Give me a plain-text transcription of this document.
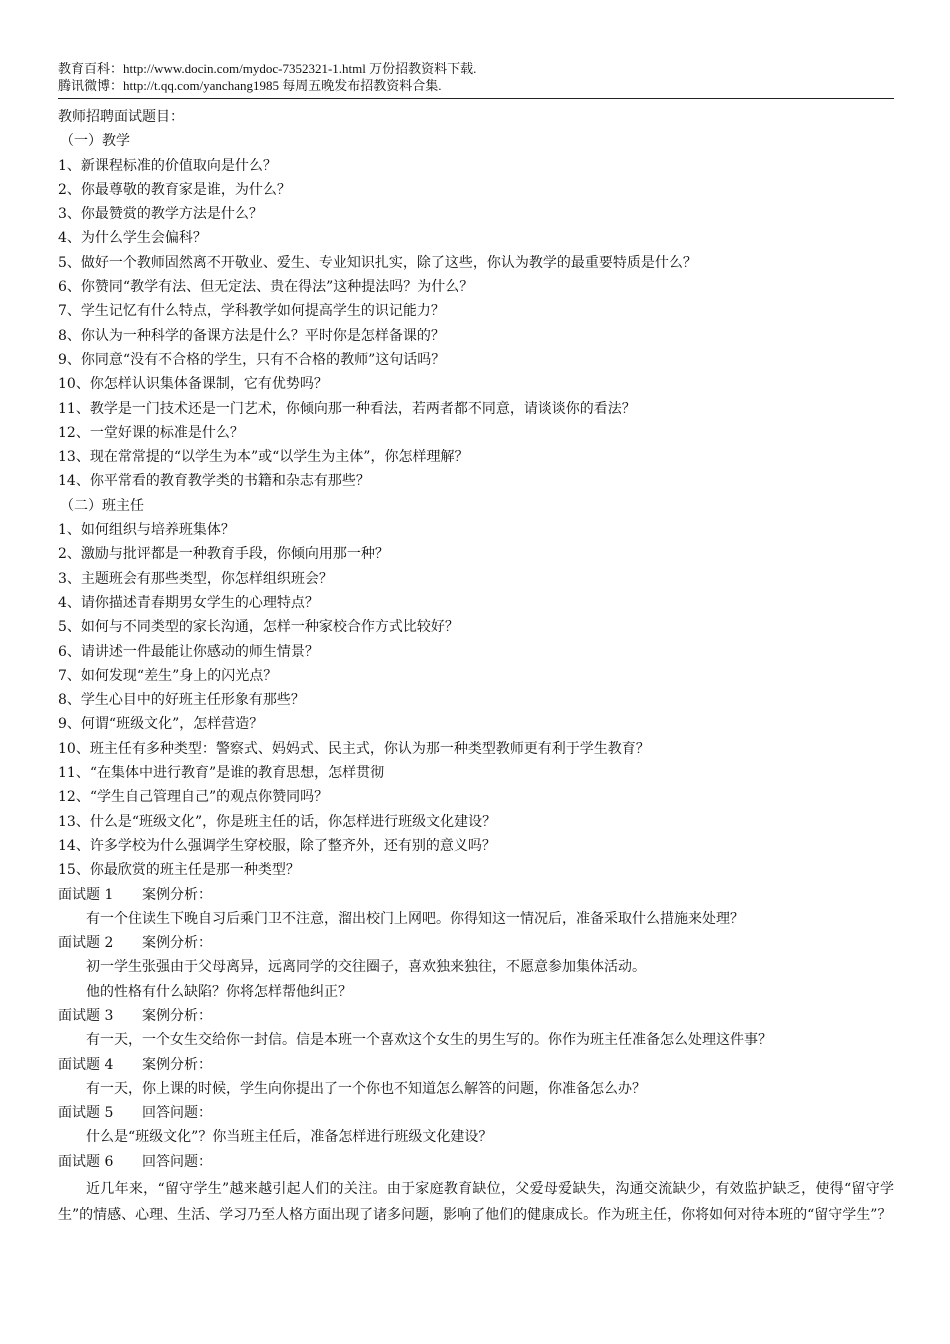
教育百科：http://www.docin.com/mydoc-7352321-1.html 万份招教资料下载.
腾讯微博：http://t.qq.com/yanchang1985 每周五晚发布招教资料合集.
教师招聘面试题目：
（一）教学
1、新课程标准的价值取向是什么？
2、你最尊敬的教育家是谁，为什么？
3、你最赞赏的教学方法是什么？
4、为什么学生会偏科？
5、做好一个教师固然离不开敬业、爱生、专业知识扎实，除了这些，你认为教学的最重要特质是什么？
6、你赞同“教学有法、但无定法、贵在得法”这种提法吗？为什么？
7、学生记忆有什么特点，学科教学如何提高学生的识记能力？
8、你认为一种科学的备课方法是什么？平时你是怎样备课的？
9、你同意“没有不合格的学生，只有不合格的教师”这句话吗？
10、你怎样认识集体备课制，它有优势吗？
11、教学是一门技术还是一门艺术，你倾向那一种看法，若两者都不同意，请谈谈你的看法？
12、一堂好课的标准是什么？
13、现在常常提的“以学生为本”或“以学生为主体”，你怎样理解？
14、你平常看的教育教学类的书籍和杂志有那些？
（二）班主任
1、如何组织与培养班集体？
2、激励与批评都是一种教育手段，你倾向用那一种？
3、主题班会有那些类型，你怎样组织班会？
4、请你描述青春期男女学生的心理特点？
5、如何与不同类型的家长沟通，怎样一种家校合作方式比较好？
6、请讲述一件最能让你感动的师生情景？
7、如何发现“差生”身上的闪光点？
8、学生心目中的好班主任形象有那些？
9、何谓“班级文化”，怎样营造？
10、班主任有多种类型：警察式、妈妈式、民主式，你认为那一种类型教师更有利于学生教育？
11、“在集体中进行教育”是谁的教育思想，怎样贯彻
12、“学生自己管理自己”的观点你赞同吗？
13、什么是“班级文化”，你是班主任的话，你怎样进行班级文化建设？
14、许多学校为什么强调学生穿校服，除了整齐外，还有别的意义吗？
15、你最欣赏的班主任是那一种类型？
面试题 1 案例分析：
有一个住读生下晚自习后乘门卫不注意，溜出校门上网吧。你得知这一情况后，准备采取什么措施来处理？
面试题 2 案例分析：
初一学生张强由于父母离异，远离同学的交往圈子，喜欢独来独往，不愿意参加集体活动。
他的性格有什么缺陷？你将怎样帮他纠正？
面试题 3 案例分析：
有一天，一个女生交给你一封信。信是本班一个喜欢这个女生的男生写的。你作为班主任准备怎么处理这件事？
面试题 4 案例分析：
有一天，你上课的时候，学生向你提出了一个你也不知道怎么解答的问题，你准备怎么办？
面试题 5 回答问题：
什么是“班级文化”？你当班主任后，准备怎样进行班级文化建设？
面试题 6 回答问题：
近几年来，“留守学生”越来越引起人们的关注。由于家庭教育缺位，父爱母爱缺失，沟通交流缺少，有效监护缺乏，使得“留守学生”的情感、心理、生活、学习乃至人格方面出现了诸多问题，影响了他们的健康成长。作为班主任，你将如何对待本班的“留守学生”？
